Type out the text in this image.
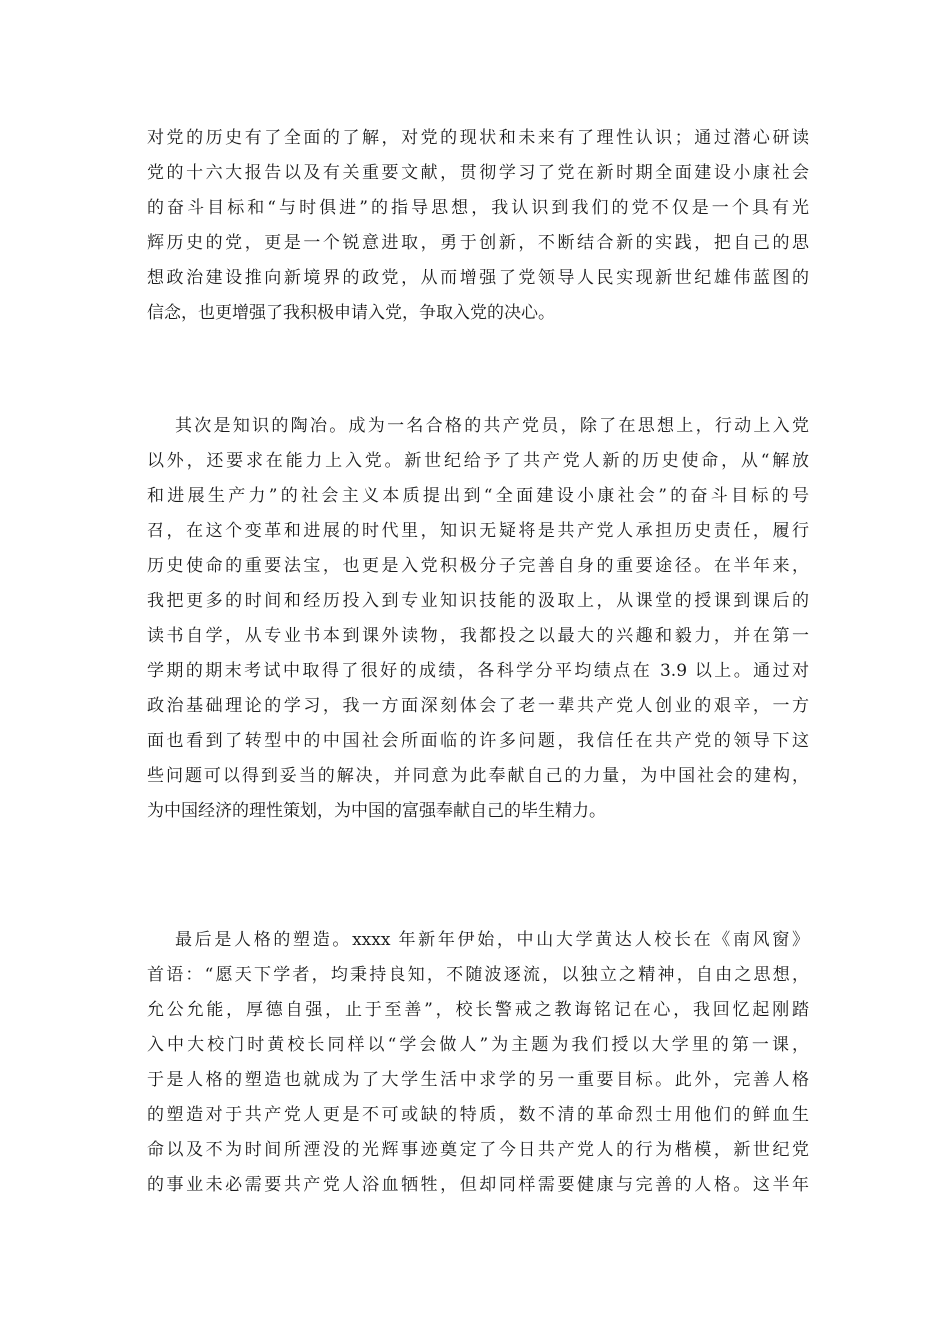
对党的历史有了全面的了解，对党的现状和未来有了理性认识；通过潜心研读
党的十六大报告以及有关重要文献，贯彻学习了党在新时期全面建设小康社会
的奋斗目标和“与时俱进”的指导思想，我认识到我们的党不仅是一个具有光
辉历史的党，更是一个锐意进取，勇于创新，不断结合新的实践，把自己的思
想政治建设推向新境界的政党，从而增强了党领导人民实现新世纪雄伟蓝图的
信念，也更增强了我积极申请入党，争取入党的决心。

其次是知识的陶冶。成为一名合格的共产党员，除了在思想上，行动上入党
以外，还要求在能力上入党。新世纪给予了共产党人新的历史使命，从“解放
和进展生产力”的社会主义本质提出到“全面建设小康社会”的奋斗目标的号
召，在这个变革和进展的时代里，知识无疑将是共产党人承担历史责任，履行
历史使命的重要法宝，也更是入党积极分子完善自身的重要途径。在半年来，
我把更多的时间和经历投入到专业知识技能的汲取上，从课堂的授课到课后的
读书自学，从专业书本到课外读物，我都投之以最大的兴趣和毅力，并在第一
学期的期末考试中取得了很好的成绩，各科学分平均绩点在 3.9 以上。通过对
政治基础理论的学习，我一方面深刻体会了老一辈共产党人创业的艰辛，一方
面也看到了转型中的中国社会所面临的许多问题，我信任在共产党的领导下这
些问题可以得到妥当的解决，并同意为此奉献自己的力量，为中国社会的建构，
为中国经济的理性策划，为中国的富强奉献自己的毕生精力。

最后是人格的塑造。xxxx 年新年伊始，中山大学黄达人校长在《南风窗》
首语：“愿天下学者，均秉持良知，不随波逐流，以独立之精神，自由之思想，
允公允能，厚德自强，止于至善”，校长警戒之教诲铭记在心，我回忆起刚踏
入中大校门时黄校长同样以“学会做人”为主题为我们授以大学里的第一课，
于是人格的塑造也就成为了大学生活中求学的另一重要目标。此外，完善人格
的塑造对于共产党人更是不可或缺的特质，数不清的革命烈士用他们的鲜血生
命以及不为时间所湮没的光辉事迹奠定了今日共产党人的行为楷模，新世纪党
的事业未必需要共产党人浴血牺牲，但却同样需要健康与完善的人格。这半年
